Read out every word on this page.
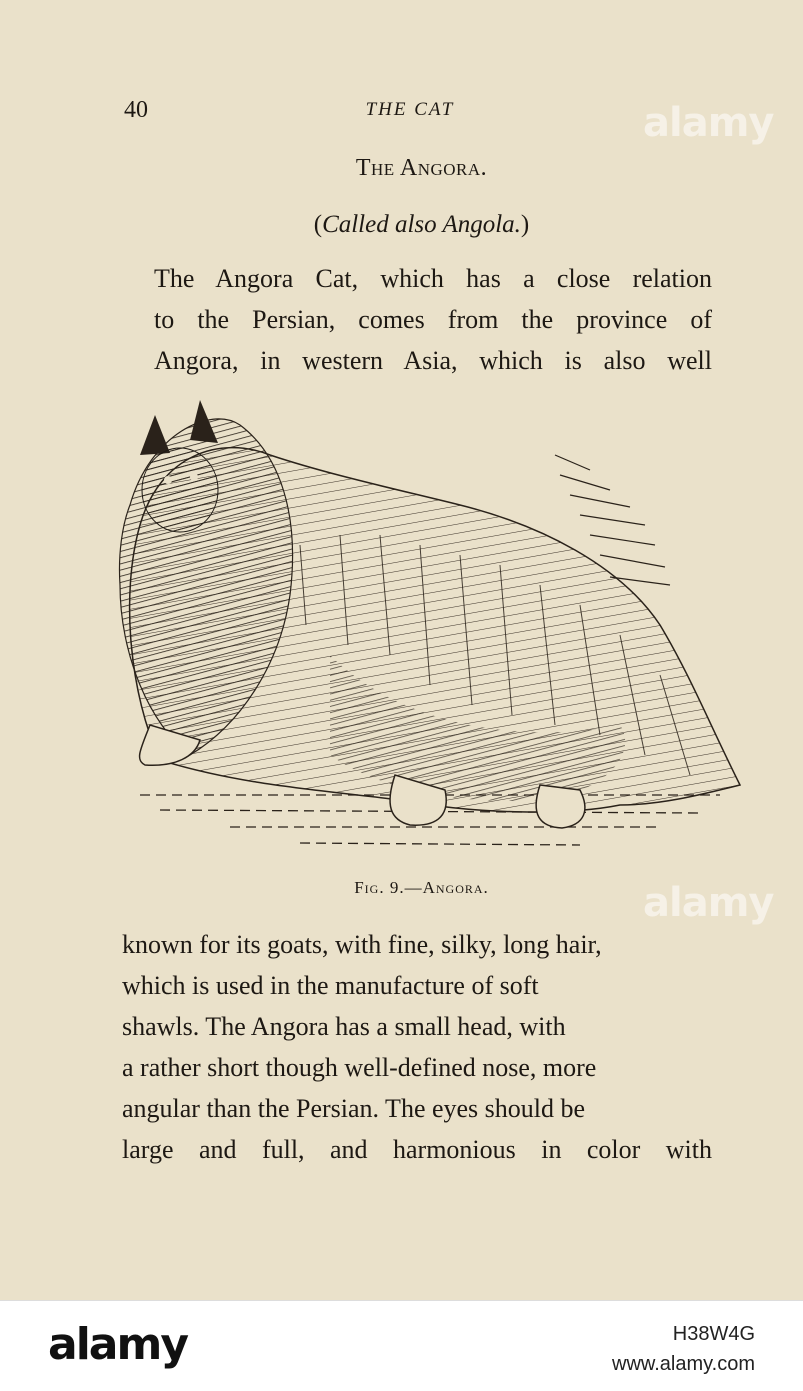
40	THE CAT
The Angora.
(Called also Angola.)
The Angora Cat, which has a close relation
to the Persian, comes from the province of
Angora, in western Asia, which is also well
Fig. 9.—Angora.
known for its goats, with fine, silky, long hair,
which is used in the manufacture of soft
shawls. The Angora has a small head, with
a rather short though well-defined nose, more
angular than the Persian. The eyes should be
large and full, and harmonious in color with
alamy
alamy
alamy	H38W4G
www.alamy.com
